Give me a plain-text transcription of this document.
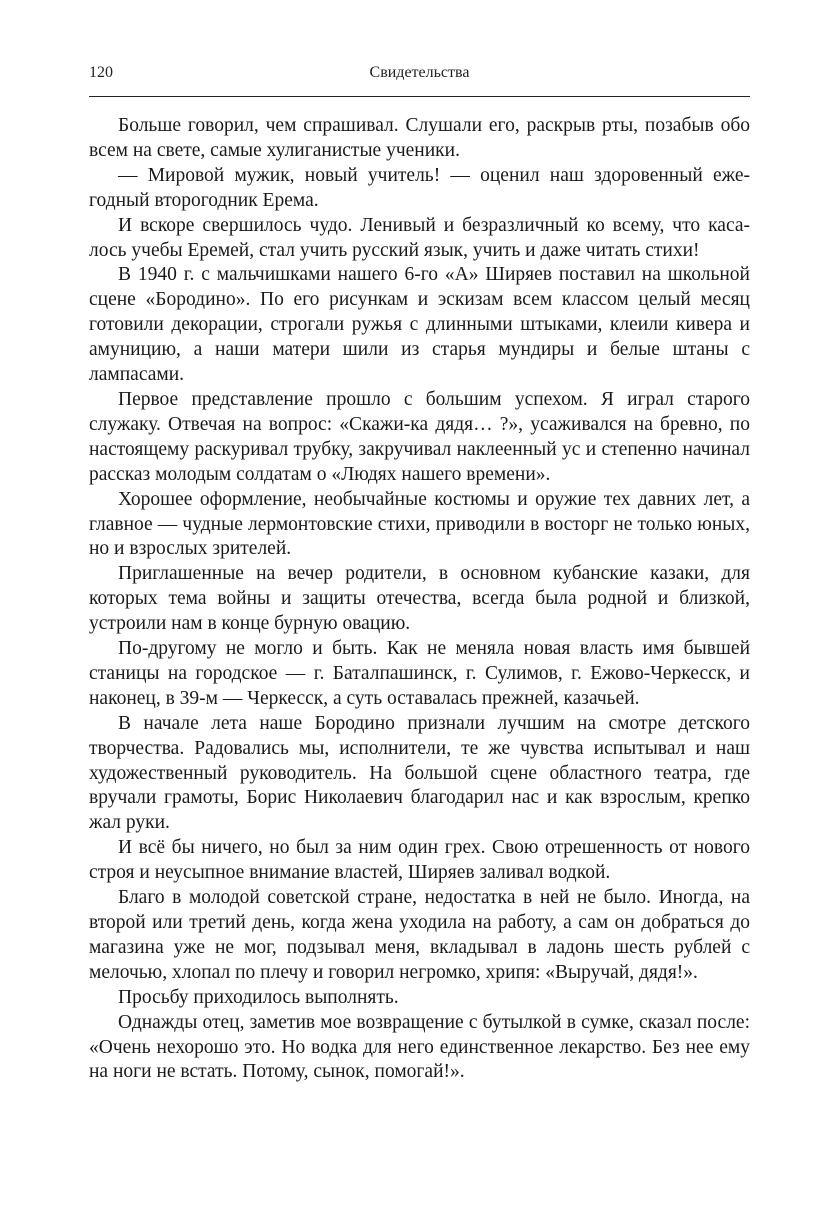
120	Свидетельства

Больше говорил, чем спрашивал. Слушали его, раскрыв рты, позабыв обо всем на свете, самые хулиганистые ученики.

— Мировой мужик, новый учитель! — оценил наш здоровенный ежегодный второгодник Ерема.

И вскоре свершилось чудо. Ленивый и безразличный ко всему, что касалось учебы Еремей, стал учить русский язык, учить и даже читать стихи!

В 1940 г. с мальчишками нашего 6-го «А» Ширяев поставил на школьной сцене «Бородино». По его рисункам и эскизам всем классом целый месяц готовили декорации, строгали ружья с длинными штыками, клеили кивера и амуницию, а наши матери шили из старья мундиры и белые штаны с лампасами.

Первое представление прошло с большим успехом. Я играл старого служаку. Отвечая на вопрос: «Скажи-ка дядя… ?», усаживался на бревно, по настоящему раскуривал трубку, закручивал наклеенный ус и степенно начинал рассказ молодым солдатам о «Людях нашего времени».

Хорошее оформление, необычайные костюмы и оружие тех давних лет, а главное — чудные лермонтовские стихи, приводили в восторг не только юных, но и взрослых зрителей.

Приглашенные на вечер родители, в основном кубанские казаки, для которых тема войны и защиты отечества, всегда была родной и близкой, устроили нам в конце бурную овацию.

По-другому не могло и быть. Как не меняла новая власть имя бывшей станицы на городское — г. Баталпашинск, г. Сулимов, г. Ежово-Черкесск, и наконец, в 39-м — Черкесск, а суть оставалась прежней, казачьей.

В начале лета наше Бородино признали лучшим на смотре детского творчества. Радовались мы, исполнители, те же чувства испытывал и наш художественный руководитель. На большой сцене областного театра, где вручали грамоты, Борис Николаевич благодарил нас и как взрослым, крепко жал руки.

И всё бы ничего, но был за ним один грех. Свою отрешенность от нового строя и неусыпное внимание властей, Ширяев заливал водкой.

Благо в молодой советской стране, недостатка в ней не было. Иногда, на второй или третий день, когда жена уходила на работу, а сам он добраться до магазина уже не мог, подзывал меня, вкладывал в ладонь шесть рублей с мелочью, хлопал по плечу и говорил негромко, хрипя: «Выручай, дядя!».

Просьбу приходилось выполнять.

Однажды отец, заметив мое возвращение с бутылкой в сумке, сказал после: «Очень нехорошо это. Но водка для него единственное лекарство. Без нее ему на ноги не встать. Потому, сынок, помогай!».
